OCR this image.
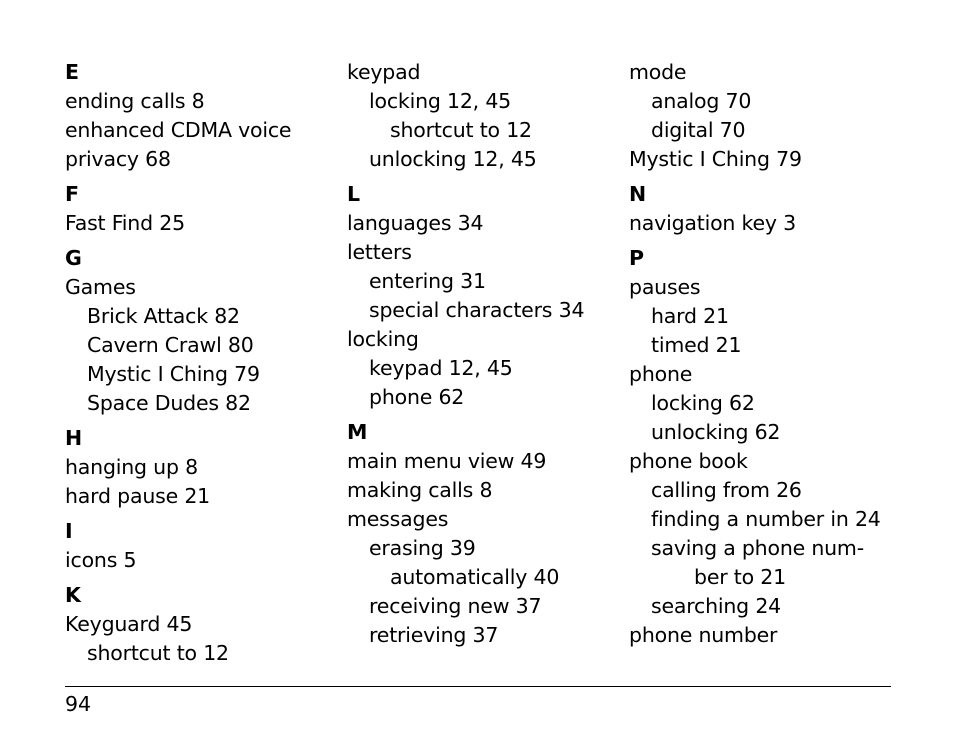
E
ending calls 8
enhanced CDMA voice
privacy 68
F
Fast Find 25
G
Games
Brick Attack 82
Cavern Crawl 80
Mystic I Ching 79
Space Dudes 82
H
hanging up 8
hard pause 21
I
icons 5
K
Keyguard 45
shortcut to 12
keypad
locking 12, 45
shortcut to 12
unlocking 12, 45
L
languages 34
letters
entering 31
special characters 34
locking
keypad 12, 45
phone 62
M
main menu view 49
making calls 8
messages
erasing 39
automatically 40
receiving new 37
retrieving 37
mode
analog 70
digital 70
Mystic I Ching 79
N
navigation key 3
P
pauses
hard 21
timed 21
phone
locking 62
unlocking 62
phone book
calling from 26
finding a number in 24
saving a phone num-
ber to 21
searching 24
phone number
94
